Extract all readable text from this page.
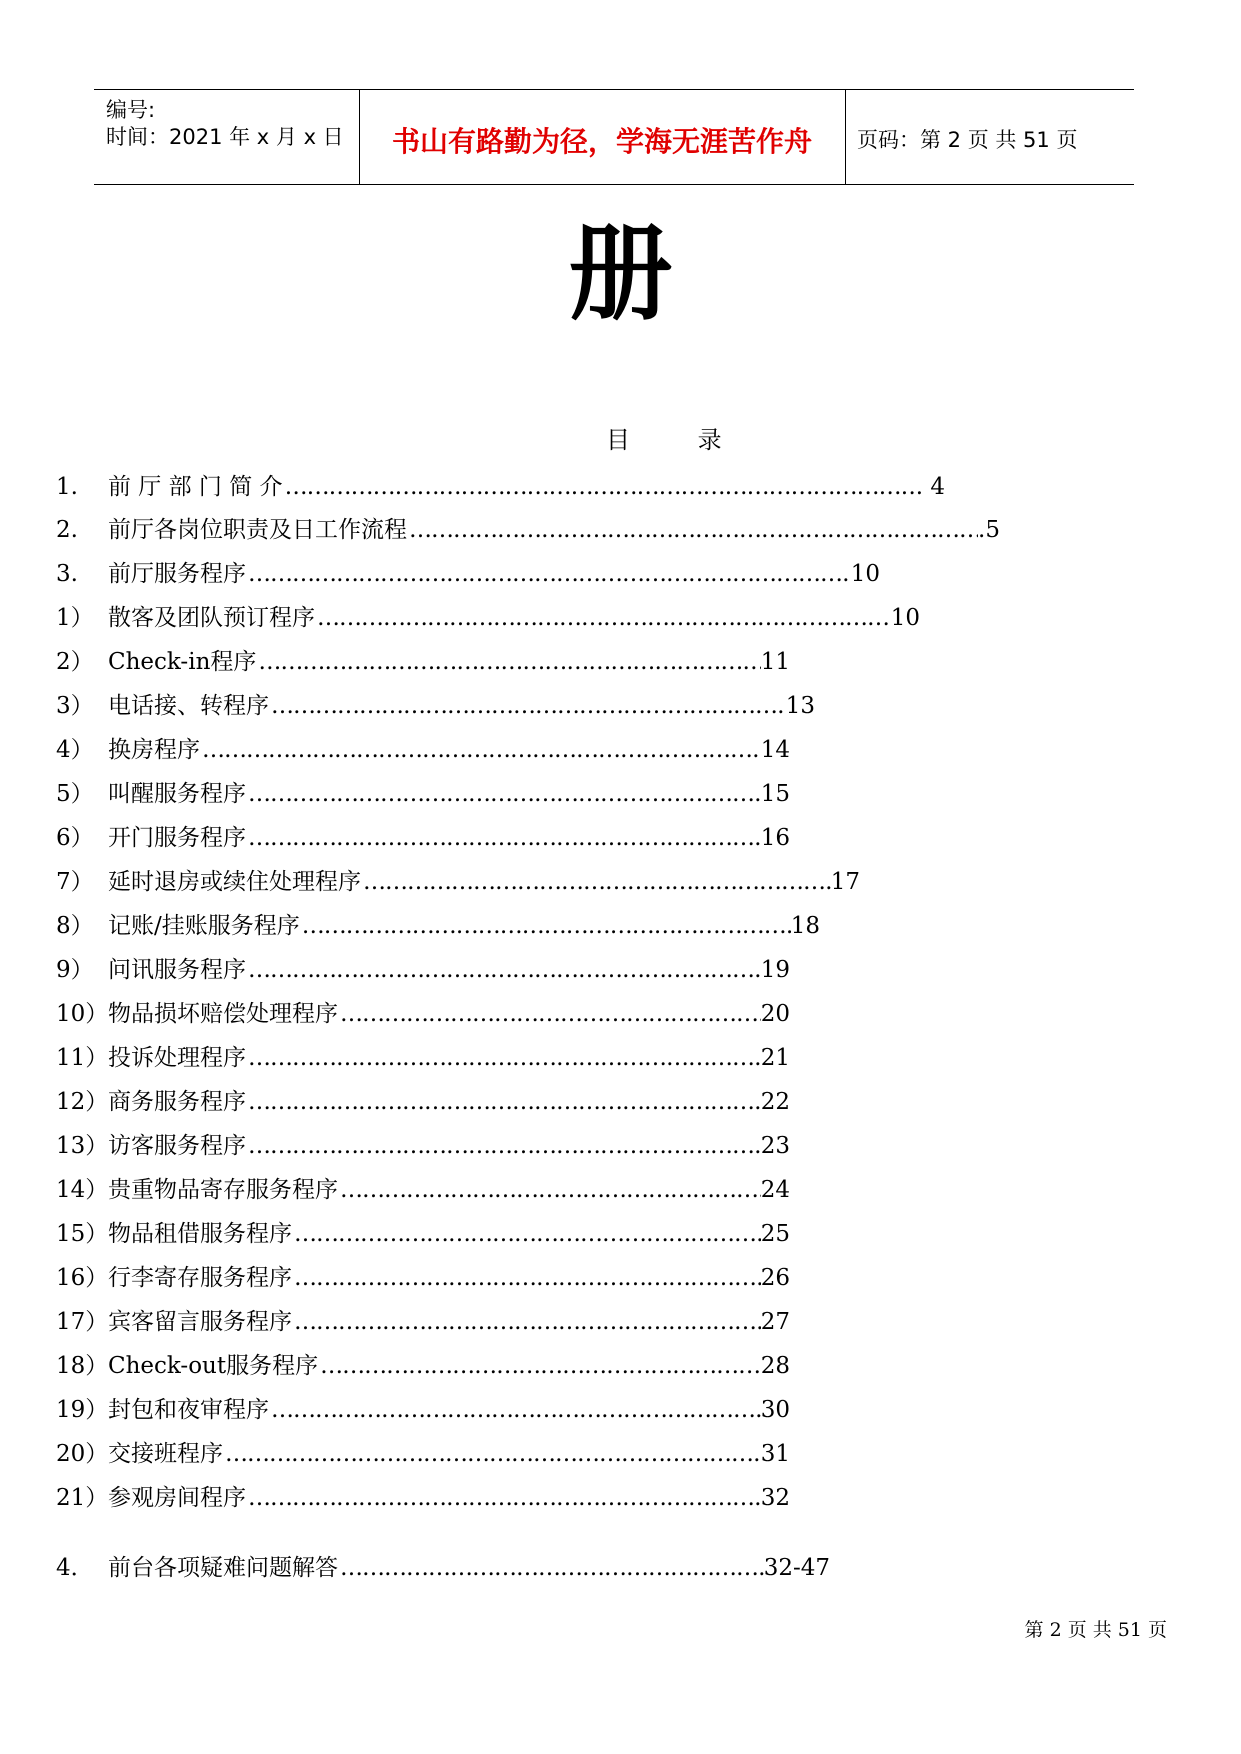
编号:
时间：2021 年 x 月 x 日	书山有路勤为径，学海无涯苦作舟	页码：第 2 页 共 51 页
册
目 录
1.	前 厅 部 门 简 介 ……………………………………………………………………………………………………………………………………………………………………	. 4
2.	前厅各岗位职责及日工作流程 ……………………………………………………………………………………………………………………………………………………………………	.5
3.	前厅服务程序 ……………………………………………………………………………………………………………………………………………………………………	10
1） 散客及团队预订程序 ……………………………………………………………………………………………………………………………………………………………………	10
2） Check-in程序 ……………………………………………………………………………………………………………………………………………………………………	11
3） 电话接、转程序 ……………………………………………………………………………………………………………………………………………………………………	13
4） 换房程序 ……………………………………………………………………………………………………………………………………………………………………	14
5） 叫醒服务程序 ……………………………………………………………………………………………………………………………………………………………………	15
6） 开门服务程序 ……………………………………………………………………………………………………………………………………………………………………	16
7） 延时退房或续住处理程序 ……………………………………………………………………………………………………………………………………………………………………	17
8） 记账/挂账服务程序 ……………………………………………………………………………………………………………………………………………………………………	18
9） 问讯服务程序 ……………………………………………………………………………………………………………………………………………………………………	19
10） 物品损坏赔偿处理程序 ……………………………………………………………………………………………………………………………………………………………………	20
11） 投诉处理程序 ……………………………………………………………………………………………………………………………………………………………………	21
12） 商务服务程序 ……………………………………………………………………………………………………………………………………………………………………	22
13） 访客服务程序 ……………………………………………………………………………………………………………………………………………………………………	23
14） 贵重物品寄存服务程序 ……………………………………………………………………………………………………………………………………………………………………	24
15） 物品租借服务程序 ……………………………………………………………………………………………………………………………………………………………………	25
16） 行李寄存服务程序 ……………………………………………………………………………………………………………………………………………………………………	26
17） 宾客留言服务程序 ……………………………………………………………………………………………………………………………………………………………………	27
18） Check-out服务程序 ……………………………………………………………………………………………………………………………………………………………………	28
19） 封包和夜审程序 ……………………………………………………………………………………………………………………………………………………………………	30
20） 交接班程序 ……………………………………………………………………………………………………………………………………………………………………	31
21） 参观房间程序 ……………………………………………………………………………………………………………………………………………………………………	32
4． 前台各项疑难问题解答 ……………………………………………………………………………………………………………………………………………………………………	32-47
第 2 页 共 51 页
